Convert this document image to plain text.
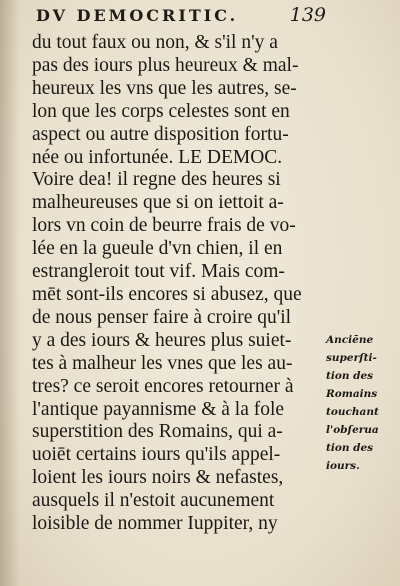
DV DEMOCRITIC.	139
du tout faux ou non, & s'il n'y a
pas des iours plus heureux & mal-
heureux les vns que les autres, se-
lon que les corps celestes sont en
aspect ou autre disposition fortu-
née ou infortunée. LE DEMOC.
Voire dea! il regne des heures si
malheureuses que si on iettoit a-
lors vn coin de beurre frais de vo-
lée en la gueule d'vn chien, il en
estrangleroit tout vif. Mais com-
mēt sont-ils encores si abusez, que
de nous penser faire à croire qu'il
y a des iours & heures plus suiet-
tes à malheur les vnes que les au-
tres? ce seroit encores retourner à
l'antique payannisme & à la fole
superstition des Romains, qui a-
uoiēt certains iours qu'ils appel-
loient les iours noirs & nefastes,
ausquels il n'estoit aucunement
loisible de nommer Iuppiter, ny
Anciēne
superſti-
tion des
Romains
touchant
l'obſerua
tion des
iours.
